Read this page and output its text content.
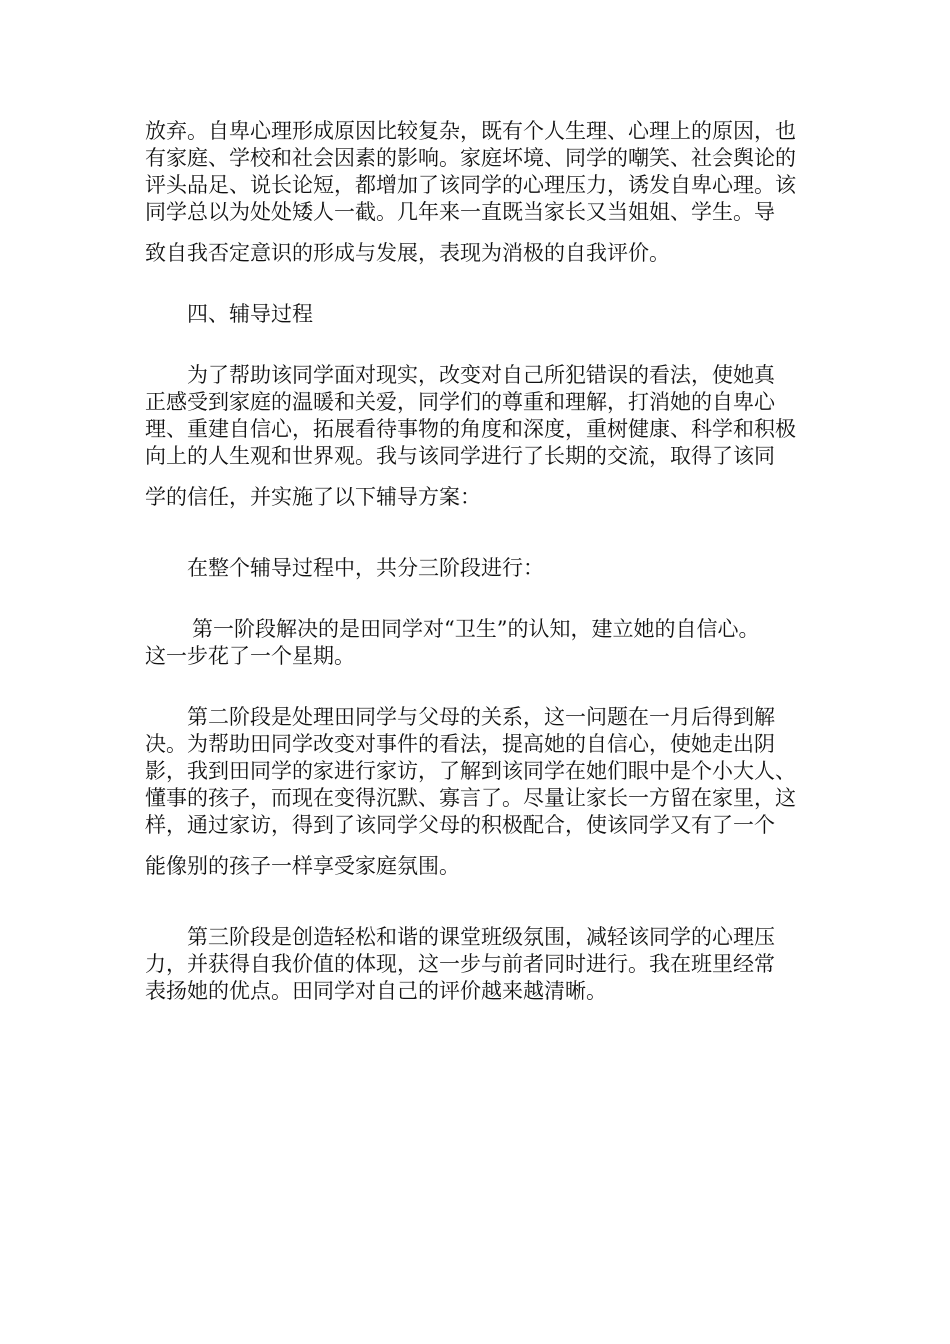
放弃。自卑心理形成原因比较复杂，既有个人生理、心理上的原因，也

有家庭、学校和社会因素的影响。家庭坏境、同学的嘲笑、社会舆论的

评头品足、说长论短，都增加了该同学的心理压力，诱发自卑心理。该

同学总以为处处矮人一截。几年来一直既当家长又当姐姐、学生。导

致自我否定意识的形成与发展，表现为消极的自我评价。

四、辅导过程

为了帮助该同学面对现实，改变对自己所犯错误的看法，使她真

正感受到家庭的温暖和关爱，同学们的尊重和理解，打消她的自卑心

理、重建自信心，拓展看待事物的角度和深度，重树健康、科学和积极

向上的人生观和世界观。我与该同学进行了长期的交流，取得了该同

学的信任，并实施了以下辅导方案：

在整个辅导过程中，共分三阶段进行：

第一阶段解决的是田同学对“卫生”的认知，建立她的自信心。

这一步花了一个星期。

第二阶段是处理田同学与父母的关系，这一问题在一月后得到解

决。为帮助田同学改变对事件的看法，提高她的自信心，使她走出阴

影，我到田同学的家进行家访，了解到该同学在她们眼中是个小大人、

懂事的孩子，而现在变得沉默、寡言了。尽量让家长一方留在家里，这

样，通过家访，得到了该同学父母的积极配合，使该同学又有了一个

能像别的孩子一样享受家庭氛围。

第三阶段是创造轻松和谐的课堂班级氛围，减轻该同学的心理压

力，并获得自我价值的体现，这一步与前者同时进行。我在班里经常

表扬她的优点。田同学对自己的评价越来越清晰。
